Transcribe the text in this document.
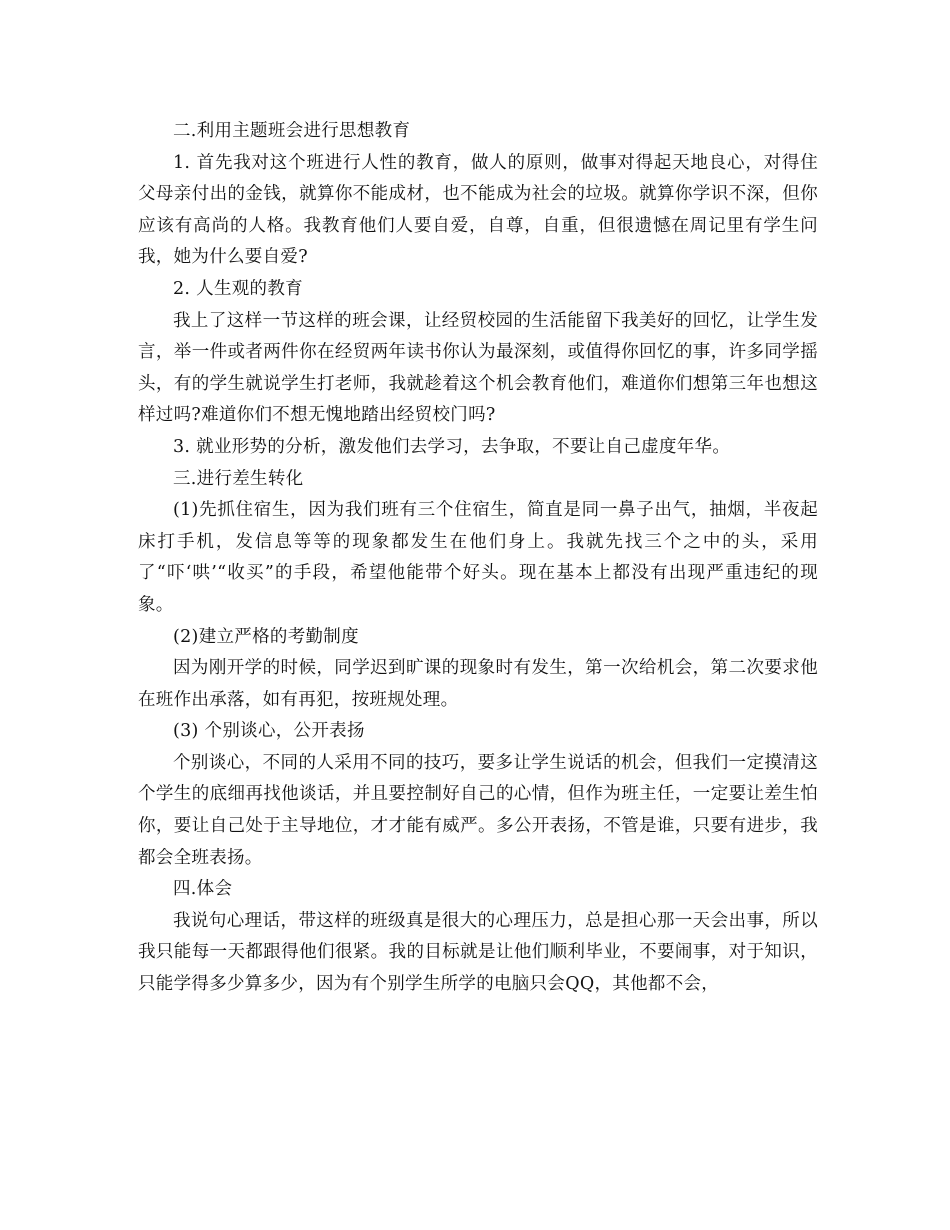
二.利用主题班会进行思想教育

1. 首先我对这个班进行人性的教育，做人的原则，做事对得起天地良心，对得住父母亲付出的金钱，就算你不能成材，也不能成为社会的垃圾。就算你学识不深，但你应该有高尚的人格。我教育他们人要自爱，自尊，自重，但很遗憾在周记里有学生问我，她为什么要自爱?

2. 人生观的教育

我上了这样一节这样的班会课，让经贸校园的生活能留下我美好的回忆，让学生发言，举一件或者两件你在经贸两年读书你认为最深刻，或值得你回忆的事，许多同学摇头，有的学生就说学生打老师，我就趁着这个机会教育他们，难道你们想第三年也想这样过吗?难道你们不想无愧地踏出经贸校门吗?

3. 就业形势的分析，激发他们去学习，去争取，不要让自己虚度年华。

三.进行差生转化

(1)先抓住宿生，因为我们班有三个住宿生，简直是同一鼻子出气，抽烟，半夜起床打手机，发信息等等的现象都发生在他们身上。我就先找三个之中的头，采用了“吓‘哄’“收买”的手段，希望他能带个好头。现在基本上都没有出现严重违纪的现象。

(2)建立严格的考勤制度

因为刚开学的时候，同学迟到旷课的现象时有发生，第一次给机会，第二次要求他在班作出承落，如有再犯，按班规处理。

(3) 个别谈心，公开表扬

个别谈心，不同的人采用不同的技巧，要多让学生说话的机会，但我们一定摸清这个学生的底细再找他谈话，并且要控制好自己的心情，但作为班主任，一定要让差生怕你，要让自己处于主导地位，才才能有威严。多公开表扬，不管是谁，只要有进步，我都会全班表扬。

四.体会

我说句心理话，带这样的班级真是很大的心理压力，总是担心那一天会出事，所以我只能每一天都跟得他们很紧。我的目标就是让他们顺利毕业，不要闹事，对于知识，只能学得多少算多少，因为有个别学生所学的电脑只会QQ，其他都不会，
